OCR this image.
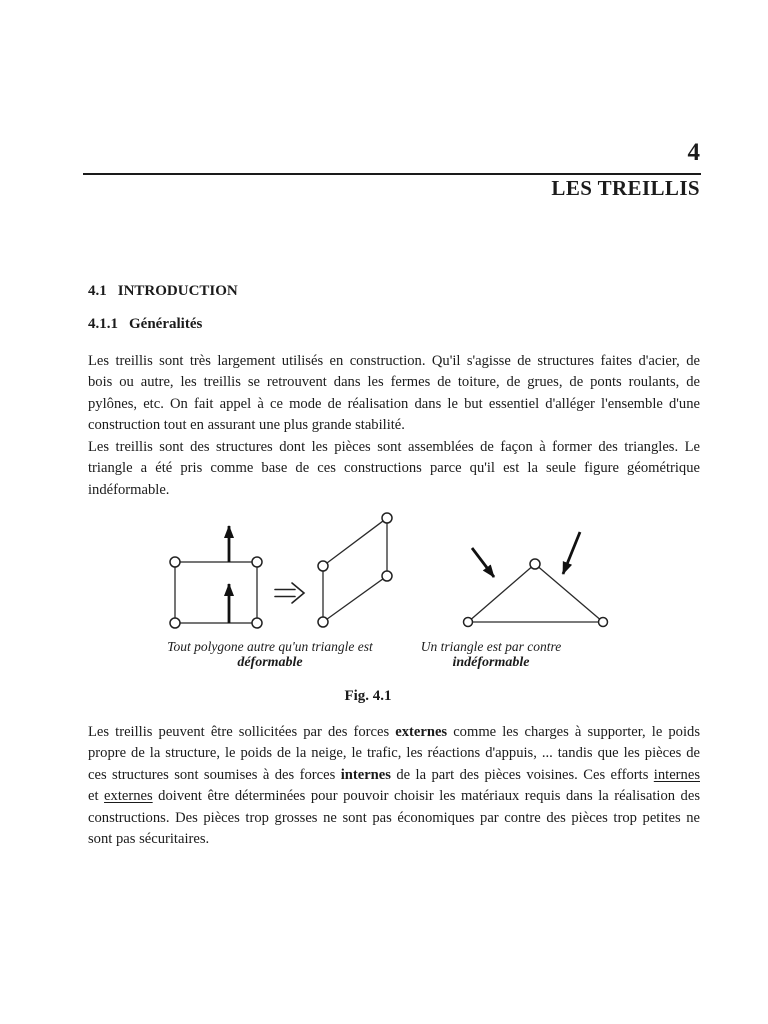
4
LES TREILLIS
4.1 INTRODUCTION
4.1.1 Généralités
Les treillis sont très largement utilisés en construction. Qu'il s'agisse de structures faites d'acier, de
bois ou autre, les treillis se retrouvent dans les fermes de toiture, de grues, de ponts roulants, de
pylônes, etc. On fait appel à ce mode de réalisation dans le but essentiel d'alléger l'ensemble d'une
construction tout en assurant une plus grande stabilité.
Les treillis sont des structures dont les pièces sont assemblées de façon à former des triangles. Le
triangle a été pris comme base de ces constructions parce qu'il est la seule figure géométrique
indéformable.
Tout polygone autre qu'un triangle est
déformable
Un triangle est par contre
indéformable
Fig. 4.1
Les treillis peuvent être sollicitées par des forces externes comme les charges à supporter, le poids
propre de la structure, le poids de la neige, le trafic, les réactions d'appuis, ... tandis que les pièces de
ces structures sont soumises à des forces internes de la part des pièces voisines. Ces efforts internes
et externes doivent être déterminées pour pouvoir choisir les matériaux requis dans la réalisation des
constructions. Des pièces trop grosses ne sont pas économiques par contre des pièces trop petites ne
sont pas sécuritaires.
